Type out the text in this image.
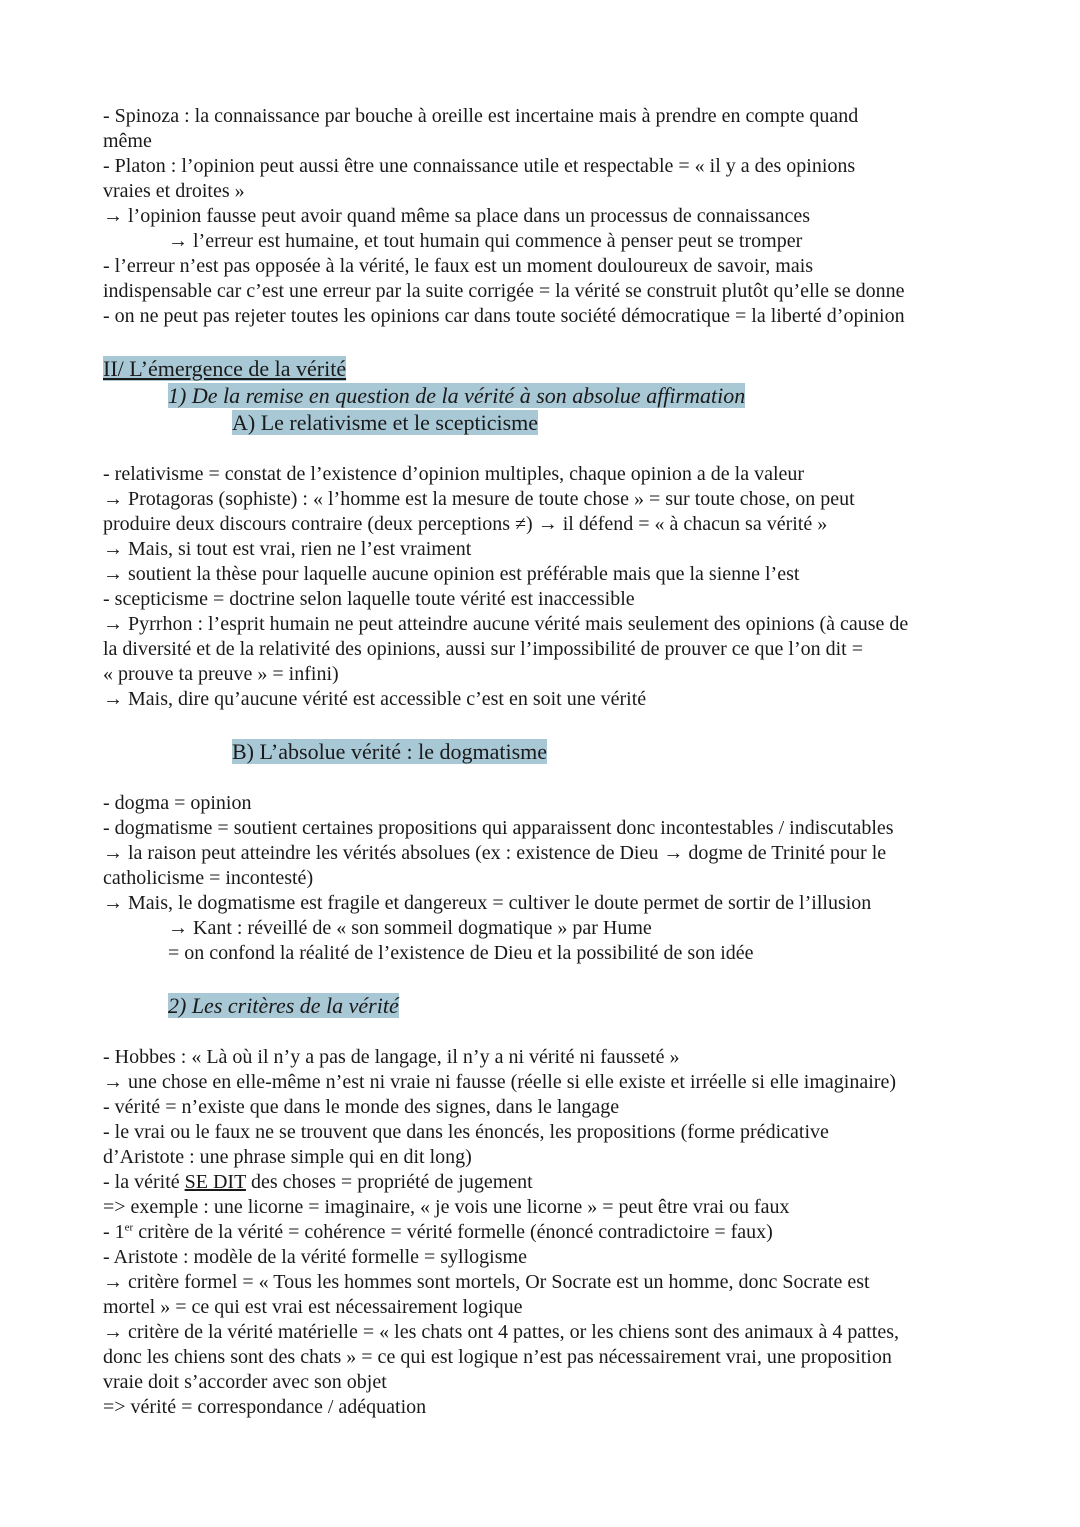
- Spinoza : la connaissance par bouche à oreille est incertaine mais à prendre en compte quand
même
- Platon : l’opinion peut aussi être une connaissance utile et respectable = « il y a des opinions
vraies et droites »
→ l’opinion fausse peut avoir quand même sa place dans un processus de connaissances
→ l’erreur est humaine, et tout humain qui commence à penser peut se tromper
- l’erreur n’est pas opposée à la vérité, le faux est un moment douloureux de savoir, mais
indispensable car c’est une erreur par la suite corrigée = la vérité se construit plutôt qu’elle se donne
- on ne peut pas rejeter toutes les opinions car dans toute société démocratique = la liberté d’opinion
II/ L’émergence de la vérité
1) De la remise en question de la vérité à son absolue affirmation
A) Le relativisme et le scepticisme
- relativisme = constat de l’existence d’opinion multiples, chaque opinion a de la valeur
→ Protagoras (sophiste) : « l’homme est la mesure de toute chose » = sur toute chose, on peut
produire deux discours contraire (deux perceptions ≠) → il défend = « à chacun sa vérité »
→ Mais, si tout est vrai, rien ne l’est vraiment
→ soutient la thèse pour laquelle aucune opinion est préférable mais que la sienne l’est
- scepticisme = doctrine selon laquelle toute vérité est inaccessible
→ Pyrrhon : l’esprit humain ne peut atteindre aucune vérité mais seulement des opinions (à cause de
la diversité et de la relativité des opinions, aussi sur l’impossibilité de prouver ce que l’on dit =
« prouve ta preuve » = infini)
→ Mais, dire qu’aucune vérité est accessible c’est en soit une vérité
B) L’absolue vérité : le dogmatisme
- dogma = opinion
- dogmatisme = soutient certaines propositions qui apparaissent donc incontestables / indiscutables
→ la raison peut atteindre les vérités absolues (ex : existence de Dieu → dogme de Trinité pour le
catholicisme = incontesté)
→ Mais, le dogmatisme est fragile et dangereux = cultiver le doute permet de sortir de l’illusion
→ Kant : réveillé de « son sommeil dogmatique » par Hume
= on confond la réalité de l’existence de Dieu et la possibilité de son idée
2) Les critères de la vérité
- Hobbes : « Là où il n’y a pas de langage, il n’y a ni vérité ni fausseté »
→ une chose en elle-même n’est ni vraie ni fausse (réelle si elle existe et irréelle si elle imaginaire)
- vérité = n’existe que dans le monde des signes, dans le langage
- le vrai ou le faux ne se trouvent que dans les énoncés, les propositions (forme prédicative
d’Aristote : une phrase simple qui en dit long)
- la vérité SE DIT des choses = propriété de jugement
=> exemple : une licorne = imaginaire, « je vois une licorne » = peut être vrai ou faux
- 1er critère de la vérité = cohérence = vérité formelle (énoncé contradictoire = faux)
- Aristote : modèle de la vérité formelle = syllogisme
→ critère formel = « Tous les hommes sont mortels, Or Socrate est un homme, donc Socrate est
mortel » = ce qui est vrai est nécessairement logique
→ critère de la vérité matérielle = « les chats ont 4 pattes, or les chiens sont des animaux à 4 pattes,
donc les chiens sont des chats » = ce qui est logique n’est pas nécessairement vrai, une proposition
vraie doit s’accorder avec son objet
=> vérité = correspondance / adéquation
